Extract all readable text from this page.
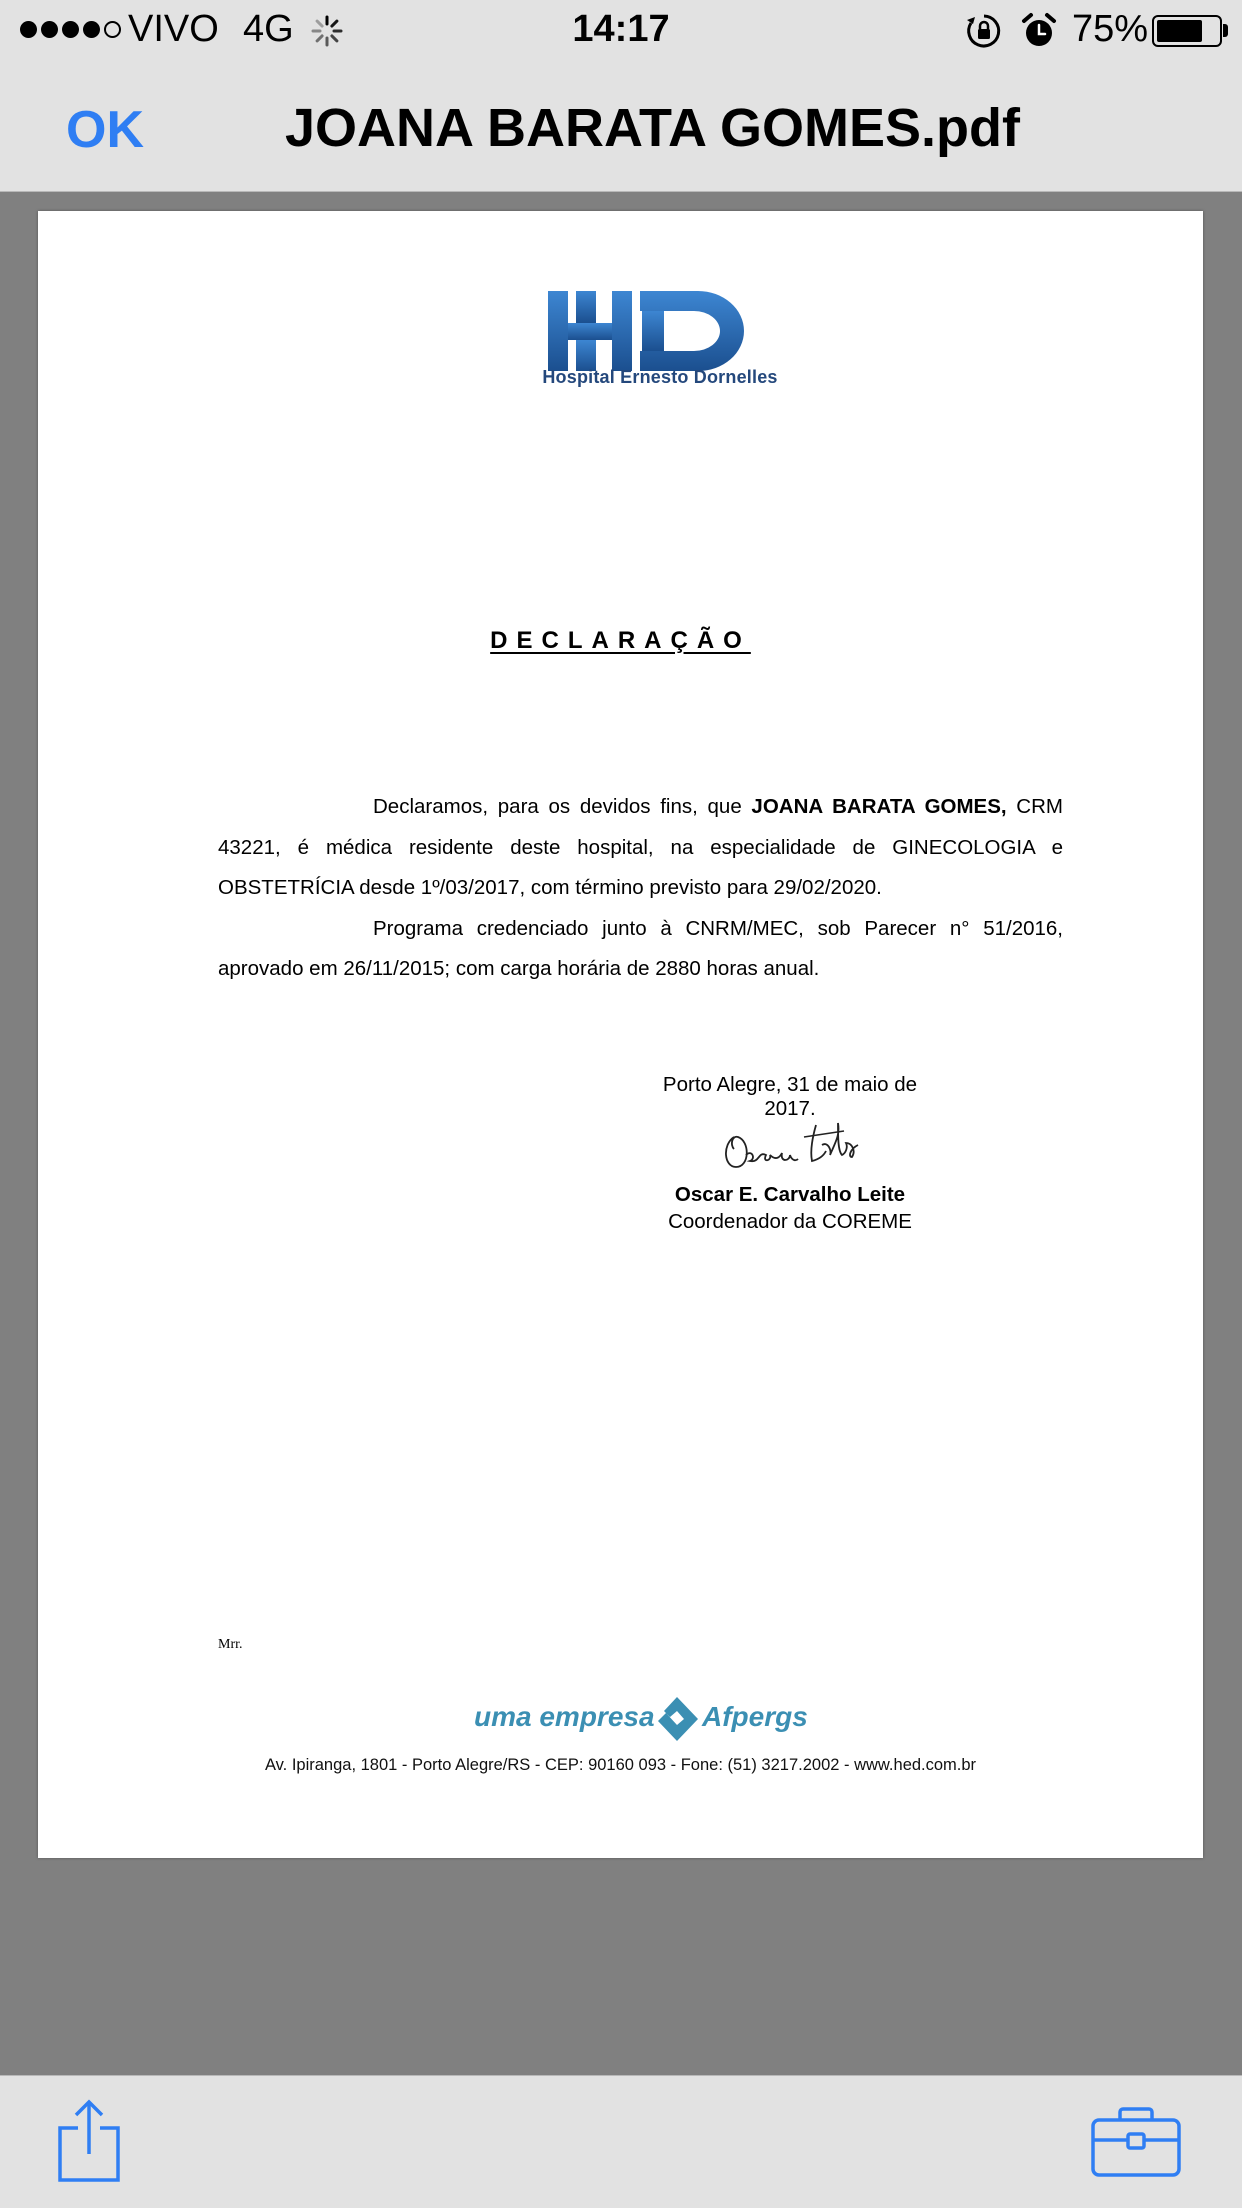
VIVO 4G	14:17	75%
OK	JOANA BARATA GOMES.pdf
Hospital Ernesto Dornelles
DECLARAÇÃO

Declaramos, para os devidos fins, que JOANA BARATA GOMES, CRM 43221, é médica residente deste hospital, na especialidade de GINECOLOGIA e OBSTETRÍCIA desde 1º/03/2017, com término previsto para 29/02/2020.

Programa credenciado junto à CNRM/MEC, sob Parecer n° 51/2016, aprovado em 26/11/2015; com carga horária de 2880 horas anual.

Porto Alegre, 31 de maio de 2017.
Oscar E. Carvalho Leite
Coordenador da COREME
Mrr.
uma empresa Afpergs
Av. Ipiranga, 1801 - Porto Alegre/RS - CEP: 90160 093 - Fone: (51) 3217.2002 - www.hed.com.br
